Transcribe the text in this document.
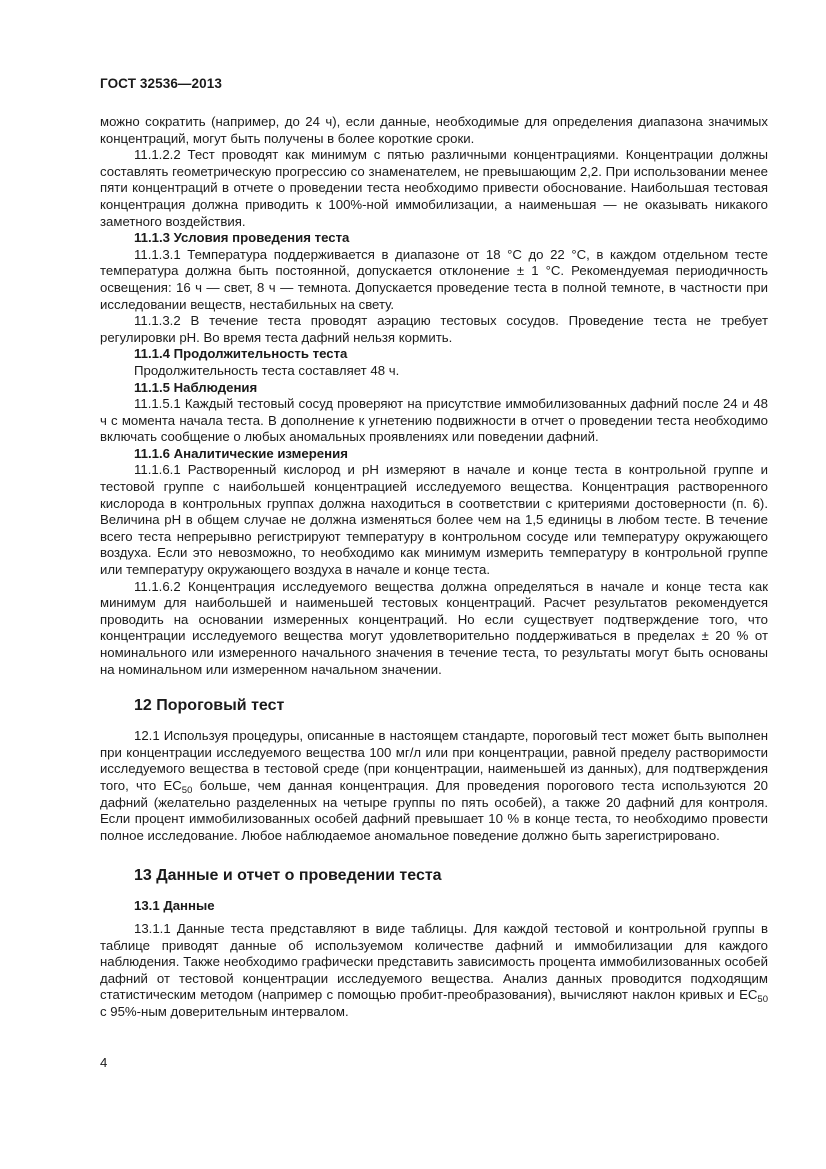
ГОСТ 32536—2013

можно сократить (например, до 24 ч), если данные, необходимые для определения диапазона значимых концентраций, могут быть получены в более короткие сроки.

11.1.2.2 Тест проводят как минимум с пятью различными концентрациями. Концентрации должны составлять геометрическую прогрессию со знаменателем, не превышающим 2,2. При использовании менее пяти концентраций в отчете о проведении теста необходимо привести обоснование. Наибольшая тестовая концентрация должна приводить к 100%-ной иммобилизации, а наименьшая — не оказывать никакого заметного воздействия.

11.1.3 Условия проведения теста

11.1.3.1 Температура поддерживается в диапазоне от 18 °С до 22 °С, в каждом отдельном тесте температура должна быть постоянной, допускается отклонение ± 1 °С. Рекомендуемая периодичность освещения: 16 ч — свет, 8 ч — темнота. Допускается проведение теста в полной темноте, в частности при исследовании веществ, нестабильных на свету.

11.1.3.2 В течение теста проводят аэрацию тестовых сосудов. Проведение теста не требует регулировки pH. Во время теста дафний нельзя кормить.

11.1.4 Продолжительность теста

Продолжительность теста составляет 48 ч.

11.1.5 Наблюдения

11.1.5.1 Каждый тестовый сосуд проверяют на присутствие иммобилизованных дафний после 24 и 48 ч с момента начала теста. В дополнение к угнетению подвижности в отчет о проведении теста необходимо включать сообщение о любых аномальных проявлениях или поведении дафний.

11.1.6 Аналитические измерения

11.1.6.1 Растворенный кислород и pH измеряют в начале и конце теста в контрольной группе и тестовой группе с наибольшей концентрацией исследуемого вещества. Концентрация растворенного кислорода в контрольных группах должна находиться в соответствии с критериями достоверности (п. 6). Величина pH в общем случае не должна изменяться более чем на 1,5 единицы в любом тесте. В течение всего теста непрерывно регистрируют температуру в контрольном сосуде или температуру окружающего воздуха. Если это невозможно, то необходимо как минимум измерить температуру в контрольной группе или температуру окружающего воздуха в начале и конце теста.

11.1.6.2 Концентрация исследуемого вещества должна определяться в начале и конце теста как минимум для наибольшей и наименьшей тестовых концентраций. Расчет результатов рекомендуется проводить на основании измеренных концентраций. Но если существует подтверждение того, что концентрации исследуемого вещества могут удовлетворительно поддерживаться в пределах ± 20 % от номинального или измеренного начального значения в течение теста, то результаты могут быть основаны на номинальном или измеренном начальном значении.

12 Пороговый тест

12.1 Используя процедуры, описанные в настоящем стандарте, пороговый тест может быть выполнен при концентрации исследуемого вещества 100 мг/л или при концентрации, равной пределу растворимости исследуемого вещества в тестовой среде (при концентрации, наименьшей из данных), для подтверждения того, что $EC_{50}$ больше, чем данная концентрация. Для проведения порогового теста используются 20 дафний (желательно разделенных на четыре группы по пять особей), а также 20 дафний для контроля. Если процент иммобилизованных особей дафний превышает 10 % в конце теста, то необходимо провести полное исследование. Любое наблюдаемое аномальное поведение должно быть зарегистрировано.

13 Данные и отчет о проведении теста
13.1 Данные

13.1.1 Данные теста представляют в виде таблицы. Для каждой тестовой и контрольной группы в таблице приводят данные об используемом количестве дафний и иммобилизации для каждого наблюдения. Также необходимо графически представить зависимость процента иммобилизованных особей дафний от тестовой концентрации исследуемого вещества. Анализ данных проводится подходящим статистическим методом (например с помощью пробит-преобразования), вычисляют наклон кривых и $EC_{50}$ с 95%-ным доверительным интервалом.

4
